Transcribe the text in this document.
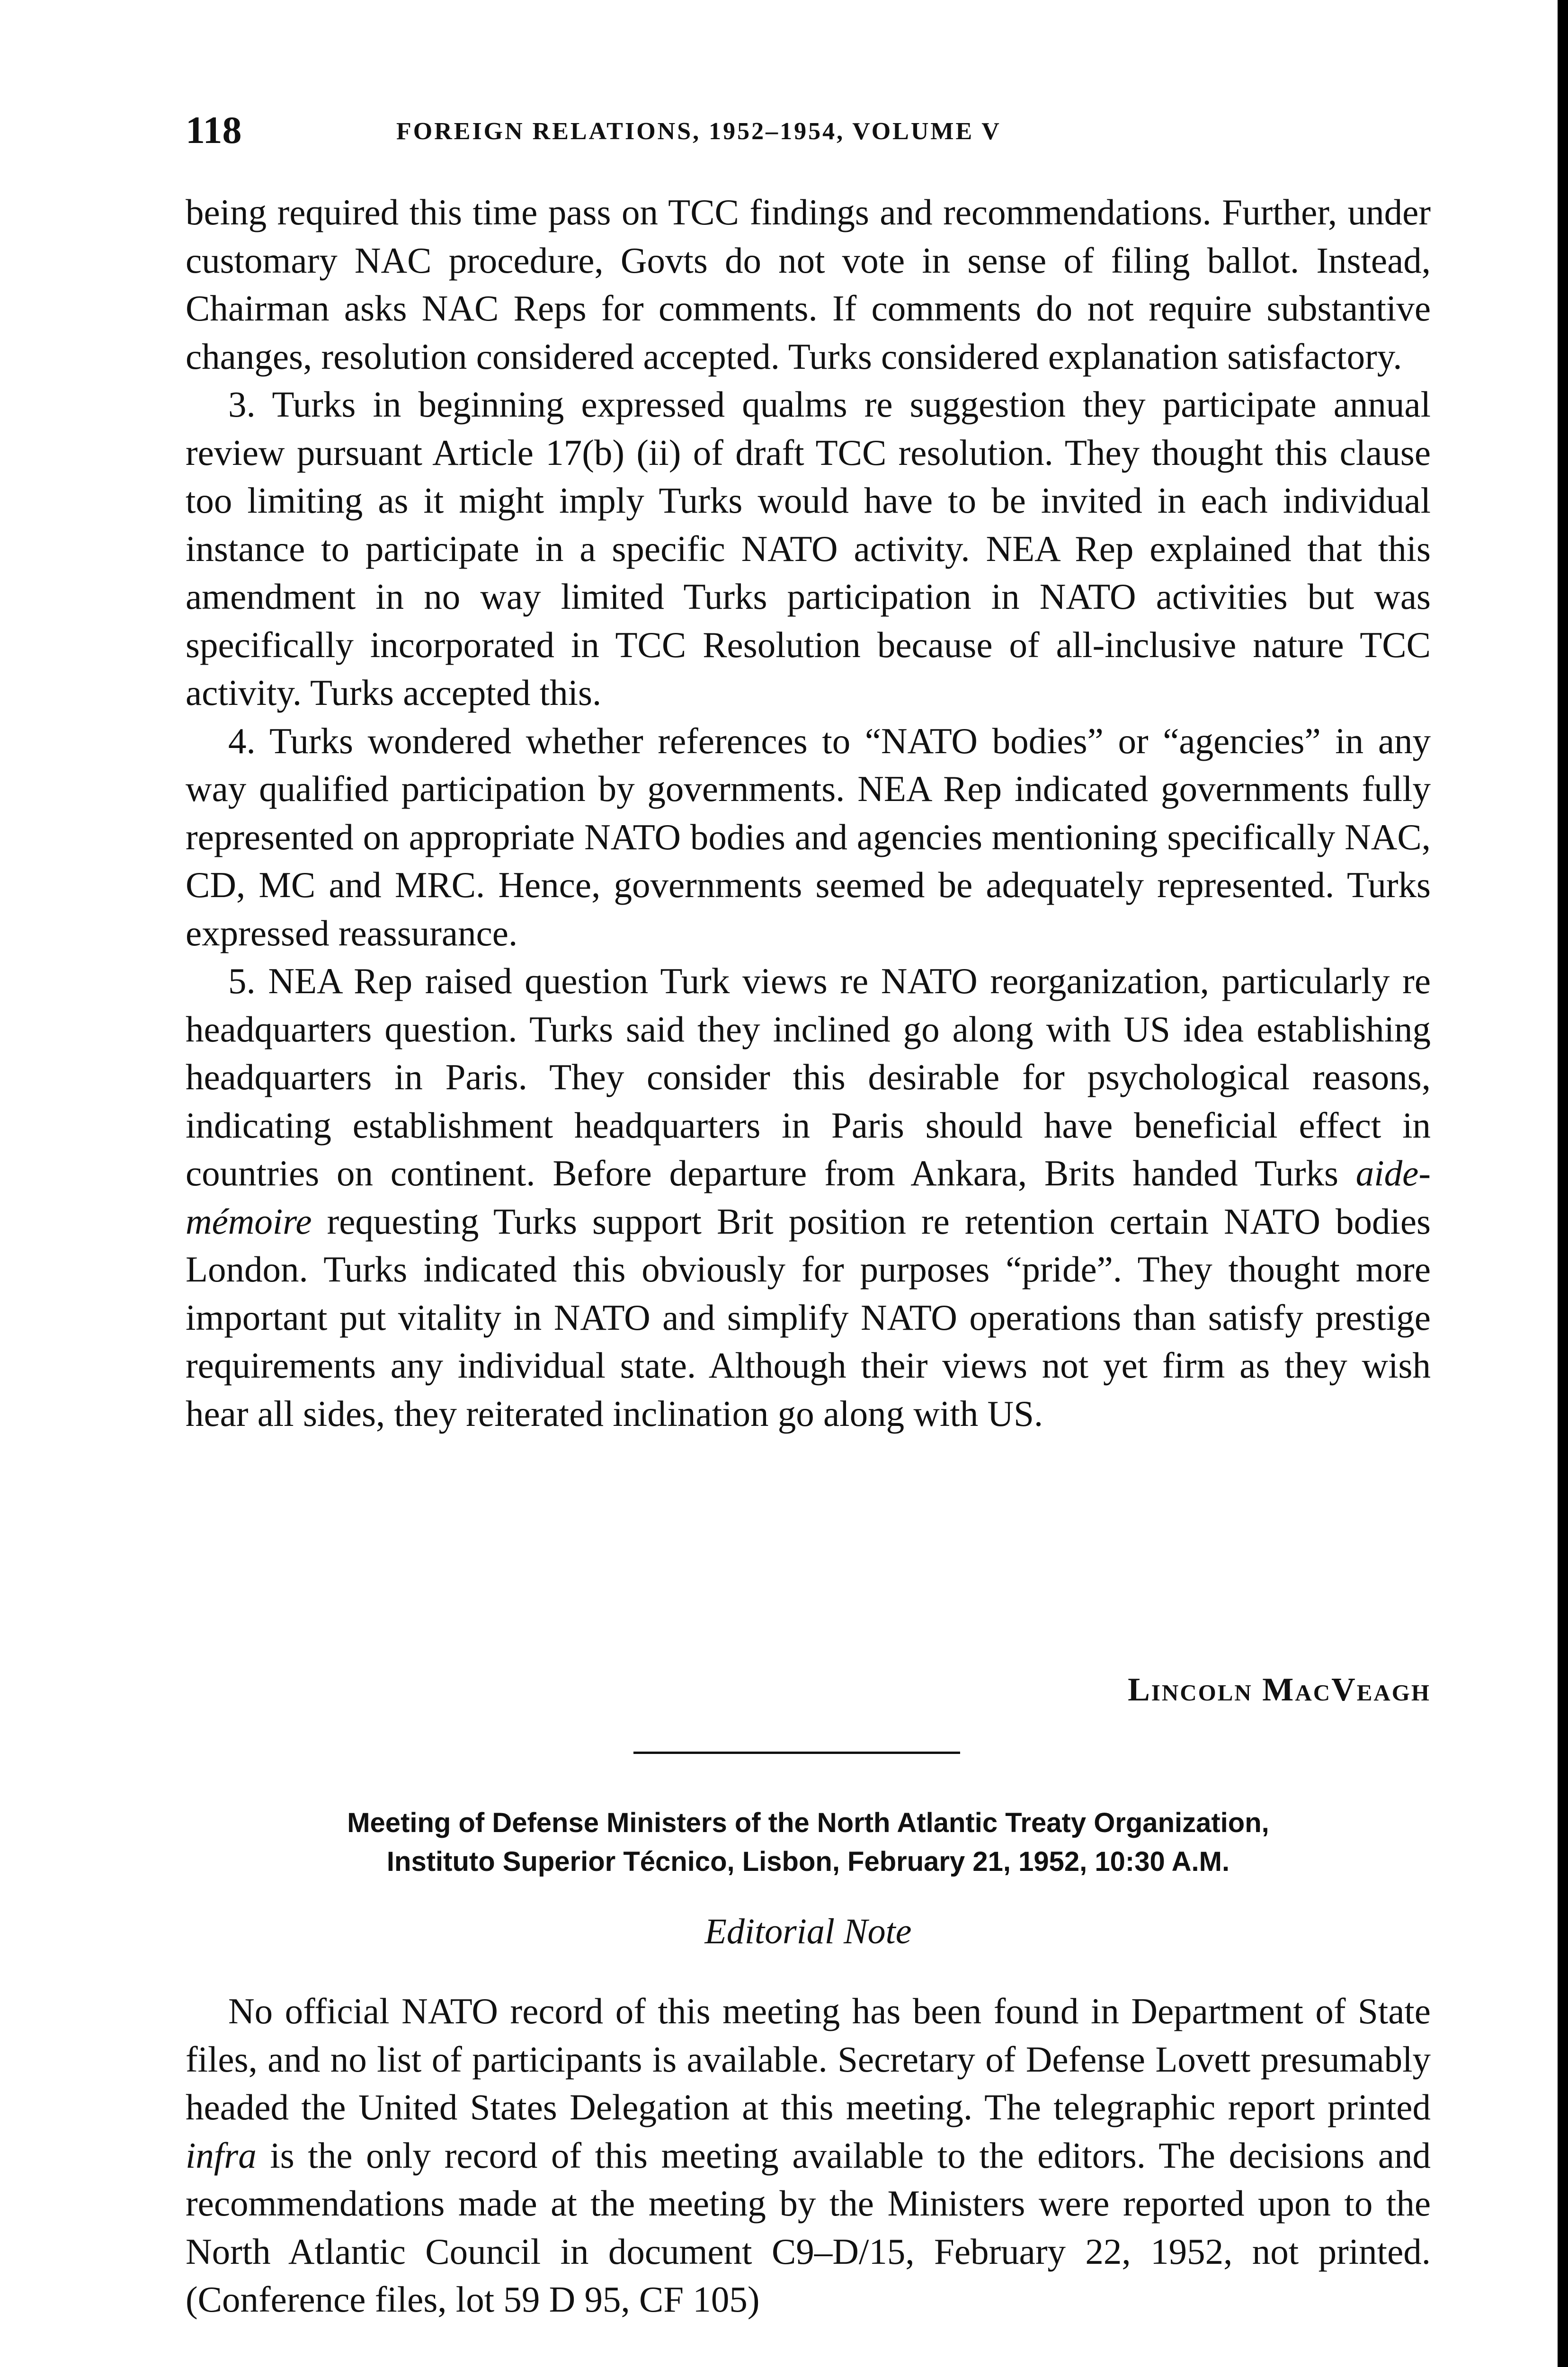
118	FOREIGN RELATIONS, 1952–1954, VOLUME V

being required this time pass on TCC findings and recommendations. Further, under customary NAC procedure, Govts do not vote in sense of filing ballot. Instead, Chairman asks NAC Reps for comments. If comments do not require substantive changes, resolution considered accepted. Turks considered explanation satisfactory.

3. Turks in beginning expressed qualms re suggestion they participate annual review pursuant Article 17(b) (ii) of draft TCC resolution. They thought this clause too limiting as it might imply Turks would have to be invited in each individual instance to participate in a specific NATO activity. NEA Rep explained that this amendment in no way limited Turks participation in NATO activities but was specifically incorporated in TCC Resolution because of all-inclusive nature TCC activity. Turks accepted this.

4. Turks wondered whether references to “NATO bodies” or “agencies” in any way qualified participation by governments. NEA Rep indicated governments fully represented on appropriate NATO bodies and agencies mentioning specifically NAC, CD, MC and MRC. Hence, governments seemed be adequately represented. Turks expressed reassurance.

5. NEA Rep raised question Turk views re NATO reorganization, particularly re headquarters question. Turks said they inclined go along with US idea establishing headquarters in Paris. They consider this desirable for psychological reasons, indicating establishment headquarters in Paris should have beneficial effect in countries on continent. Before departure from Ankara, Brits handed Turks aide-mémoire requesting Turks support Brit position re retention certain NATO bodies London. Turks indicated this obviously for purposes “pride”. They thought more important put vitality in NATO and simplify NATO operations than satisfy prestige requirements any individual state. Although their views not yet firm as they wish hear all sides, they reiterated inclination go along with US.

Lincoln MacVeagh
Meeting of Defense Ministers of the North Atlantic Treaty Organization,
Instituto Superior Técnico, Lisbon, February 21, 1952, 10:30 A.M.
Editorial Note

No official NATO record of this meeting has been found in Department of State files, and no list of participants is available. Secretary of Defense Lovett presumably headed the United States Delegation at this meeting. The telegraphic report printed infra is the only record of this meeting available to the editors. The decisions and recommendations made at the meeting by the Ministers were reported upon to the North Atlantic Council in document C9–D/15, February 22, 1952, not printed. (Conference files, lot 59 D 95, CF 105)
